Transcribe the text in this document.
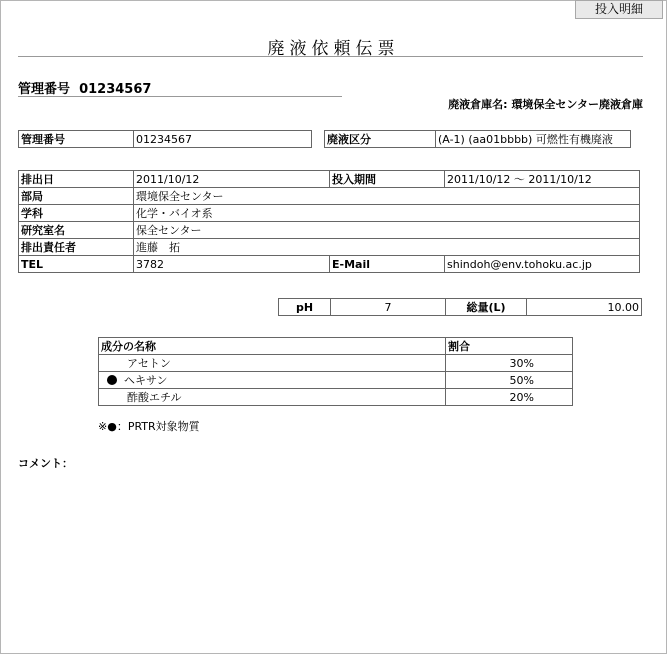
投入明細
廃液依頼伝票
管理番号 01234567
廃液倉庫名: 環境保全センター廃液倉庫
管理番号	01234567		廃液区分	(A-1) (aa01bbbb) 可燃性有機廃液
排出日	2011/10/12	投入期間	2011/10/12 ～ 2011/10/12
部局	環境保全センター		
学科	化学・バイオ系		
研究室名	保全センター		
排出責任者	進藤　拓		
TEL	3782	E-Mail	shindoh@env.tohoku.ac.jp
pH	7	総量(L)	10.00
成分の名称	割合
アセトン	30%
ヘキサン	50%
酢酸エチル	20%
※●：PRTR対象物質
コメント：
